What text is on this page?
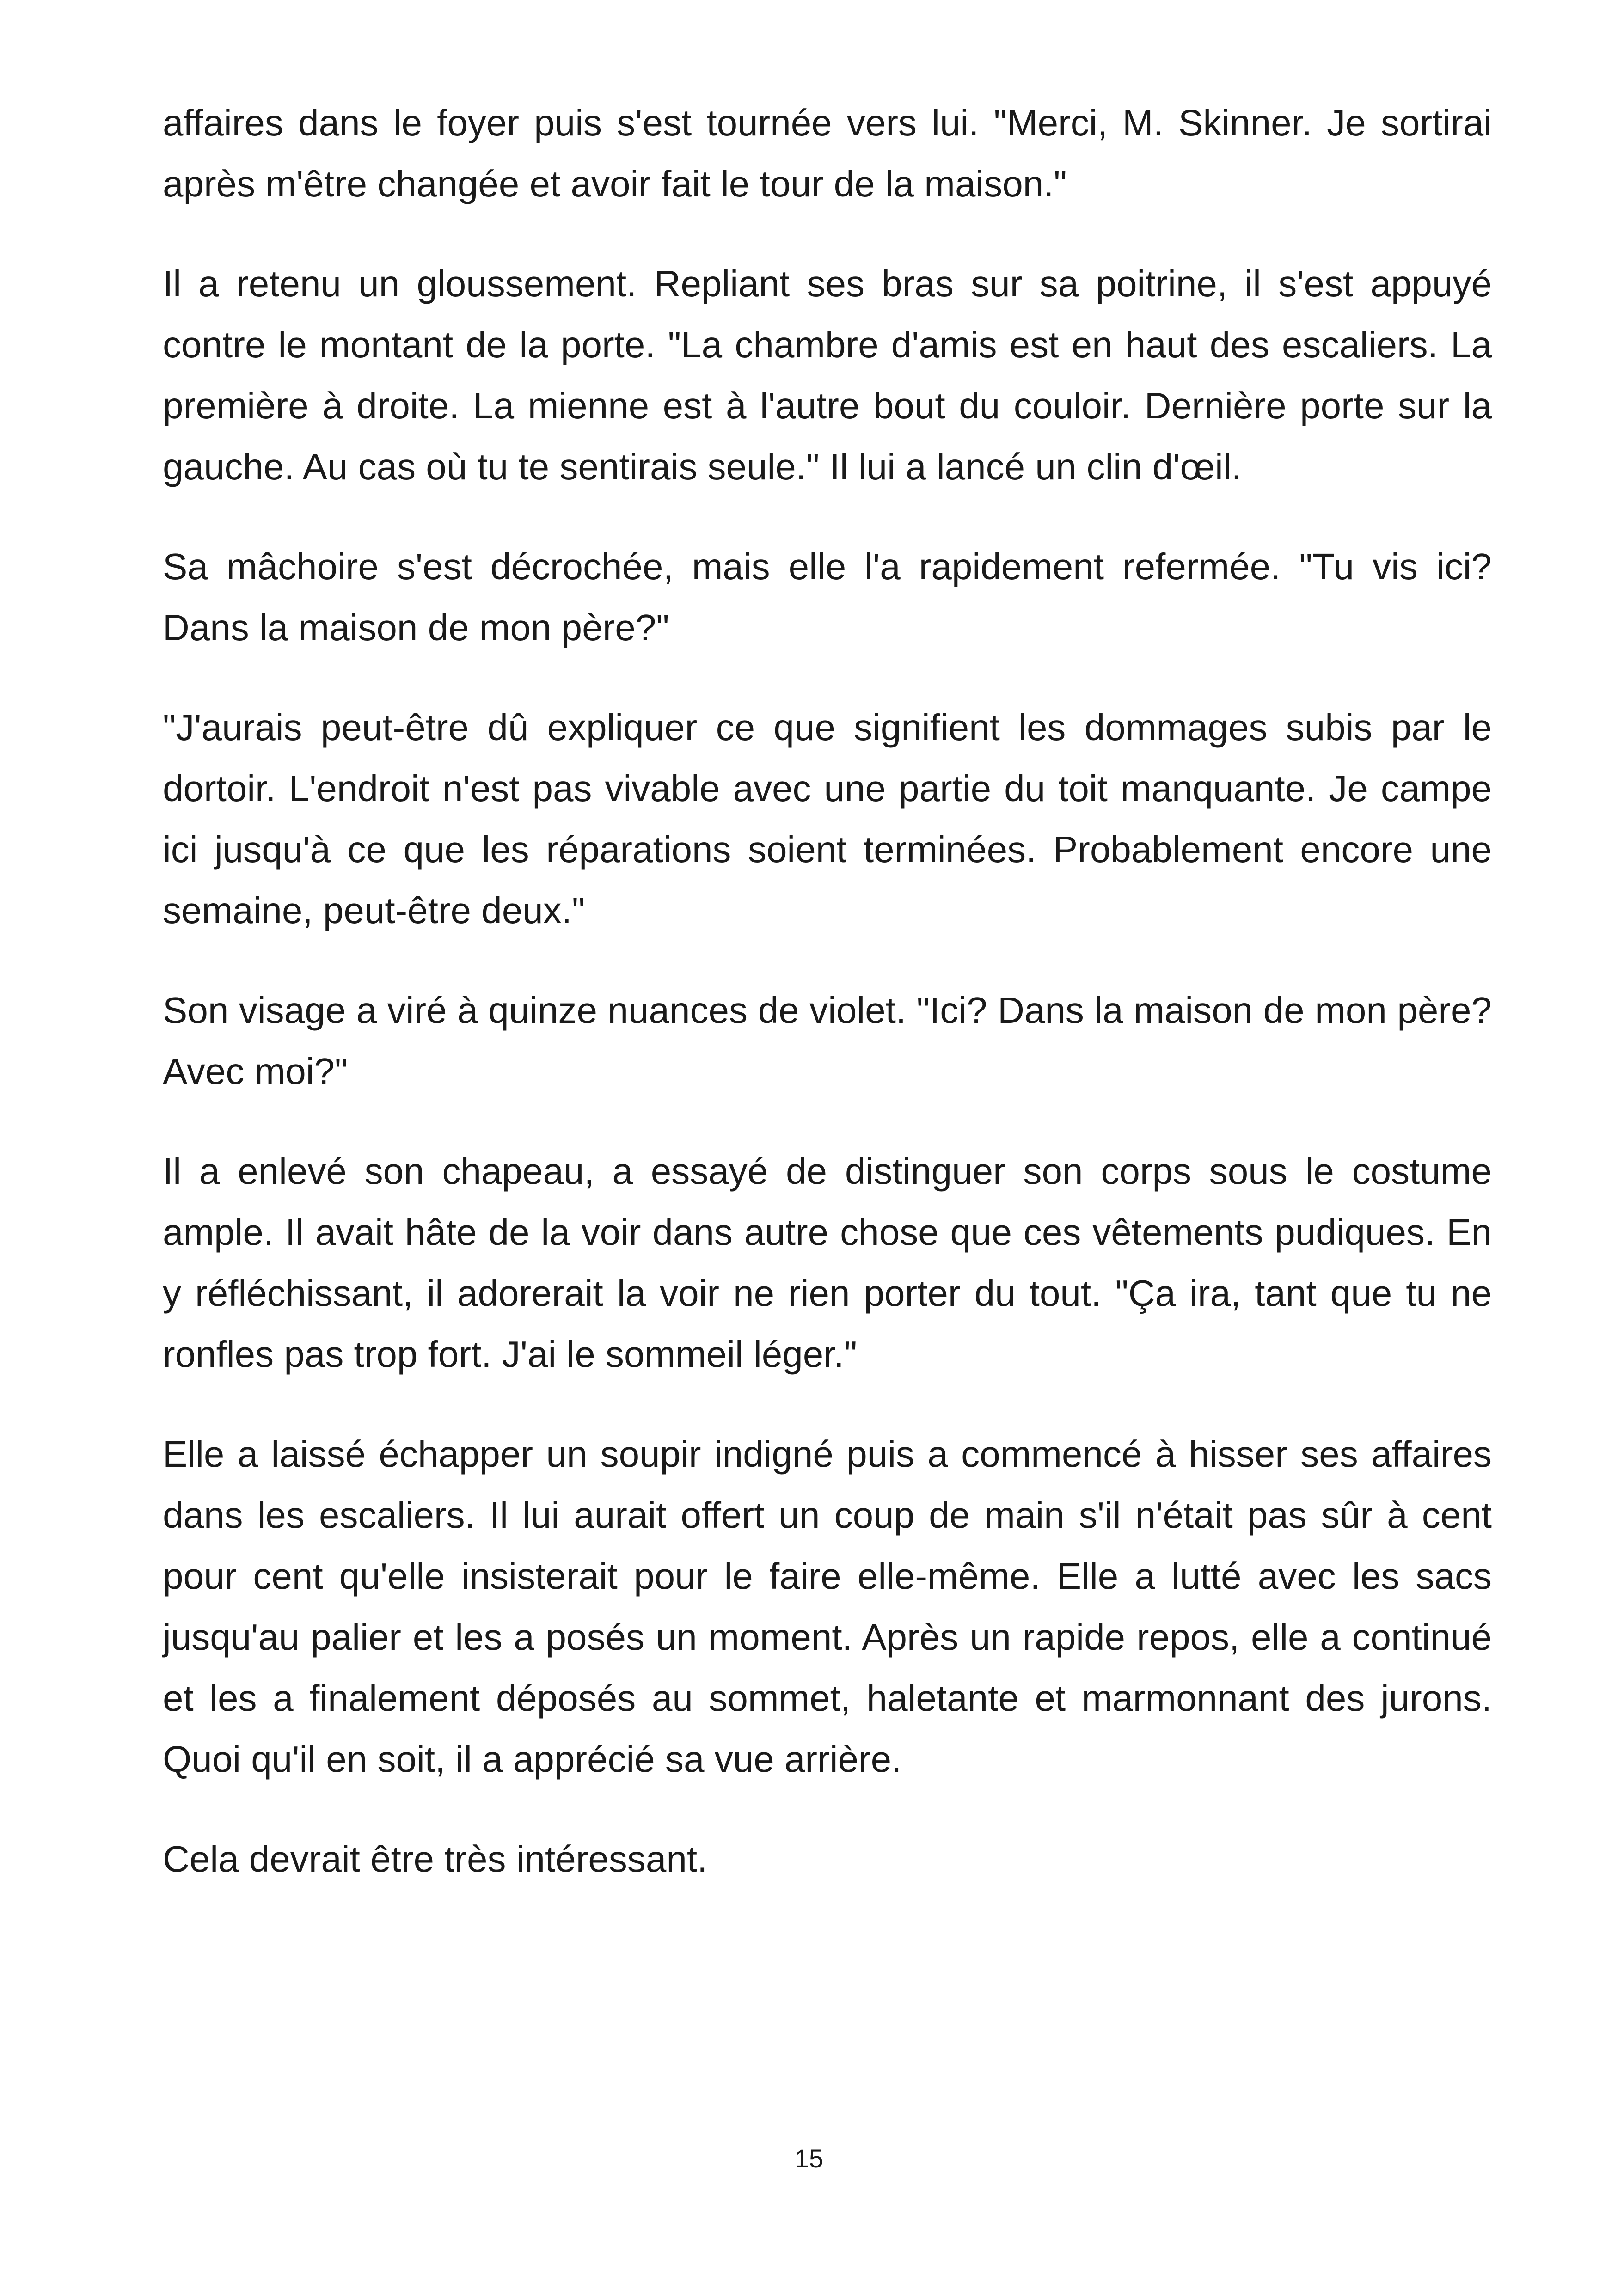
affaires dans le foyer puis s'est tournée vers lui. "Merci, M. Skinner. Je sortirai après m'être changée et avoir fait le tour de la maison."

Il a retenu un gloussement. Repliant ses bras sur sa poitrine, il s'est appuyé contre le montant de la porte. "La chambre d'amis est en haut des escaliers. La première à droite. La mienne est à l'autre bout du couloir. Dernière porte sur la gauche. Au cas où tu te sentirais seule." Il lui a lancé un clin d'œil.

Sa mâchoire s'est décrochée, mais elle l'a rapidement refermée. "Tu vis ici? Dans la maison de mon père?"

"J'aurais peut-être dû expliquer ce que signifient les dommages subis par le dortoir. L'endroit n'est pas vivable avec une partie du toit manquante. Je campe ici jusqu'à ce que les réparations soient terminées. Probablement encore une semaine, peut-être deux."

Son visage a viré à quinze nuances de violet. "Ici? Dans la maison de mon père? Avec moi?"

Il a enlevé son chapeau, a essayé de distinguer son corps sous le costume ample. Il avait hâte de la voir dans autre chose que ces vêtements pudiques. En y réfléchissant, il adorerait la voir ne rien porter du tout. "Ça ira, tant que tu ne ronfles pas trop fort. J'ai le sommeil léger."

Elle a laissé échapper un soupir indigné puis a commencé à hisser ses affaires dans les escaliers. Il lui aurait offert un coup de main s'il n'était pas sûr à cent pour cent qu'elle insisterait pour le faire elle-même. Elle a lutté avec les sacs jusqu'au palier et les a posés un moment. Après un rapide repos, elle a continué et les a finalement déposés au sommet, haletante et marmonnant des jurons. Quoi qu'il en soit, il a apprécié sa vue arrière.

Cela devrait être très intéressant.

15
